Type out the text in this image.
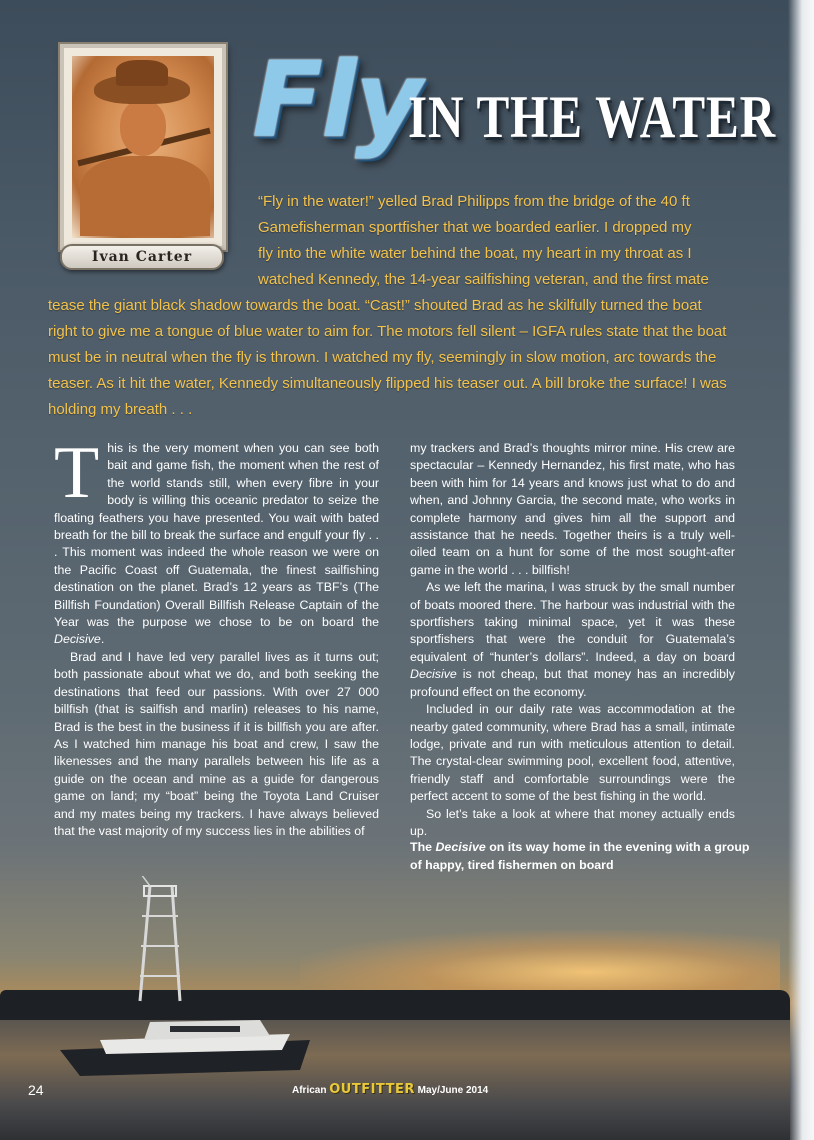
Ivan Carter
Fly
IN THE WATER
“Fly in the water!” yelled Brad Philipps from the bridge of the 40 ft
Gamefisherman sportfisher that we boarded earlier. I dropped my
fly into the white water behind the boat, my heart in my throat as I
watched Kennedy, the 14-year sailfishing veteran, and the first mate
tease the giant black shadow towards the boat. “Cast!” shouted Brad as he skilfully turned the boat
right to give me a tongue of blue water to aim for. The motors fell silent – IGFA rules state that the boat
must be in neutral when the fly is thrown. I watched my fly, seemingly in slow motion, arc towards the
teaser. As it hit the water, Kennedy simultaneously flipped his teaser out. A bill broke the surface! I was
holding my breath . . .

This is the very moment when you can see both bait and game fish, the moment when the rest of the world stands still, when every fibre in your body is willing this oceanic predator to seize the floating feathers you have presented. You wait with bated breath for the bill to break the surface and engulf your fly . . . This moment was indeed the whole reason we were on the Pacific Coast off Guatemala, the finest sailfishing destination on the planet. Brad’s 12 years as TBF’s (The Billfish Foundation) Overall Billfish Release Captain of the Year was the purpose we chose to be on board the Decisive.

Brad and I have led very parallel lives as it turns out; both passionate about what we do, and both seeking the destinations that feed our passions. With over 27 000 billfish (that is sailfish and marlin) releases to his name, Brad is the best in the business if it is billfish you are after. As I watched him manage his boat and crew, I saw the likenesses and the many parallels between his life as a guide on the ocean and mine as a guide for dangerous game on land; my “boat” being the Toyota Land Cruiser and my mates being my trackers. I have always believed that the vast majority of my success lies in the abilities of

my trackers and Brad’s thoughts mirror mine. His crew are spectacular – Kennedy Hernandez, his first mate, who has been with him for 14 years and knows just what to do and when, and Johnny Garcia, the second mate, who works in complete harmony and gives him all the support and assistance that he needs. Together theirs is a truly well-oiled team on a hunt for some of the most sought-after game in the world . . . billfish!

As we left the marina, I was struck by the small number of boats moored there. The harbour was industrial with the sportfishers taking minimal space, yet it was these sportfishers that were the conduit for Guatemala’s equivalent of “hunter’s dollars”. Indeed, a day on board Decisive is not cheap, but that money has an incredibly profound effect on the economy.

Included in our daily rate was accommodation at the nearby gated community, where Brad has a small, intimate lodge, private and run with meticulous attention to detail. The crystal-clear swimming pool, excellent food, attentive, friendly staff and comfortable surroundings were the perfect accent to some of the best fishing in the world.

So let’s take a look at where that money actually ends up.

The Decisive on its way home in the evening with a group of happy, tired fishermen on board
24	African OUTFITTER May/June 2014
